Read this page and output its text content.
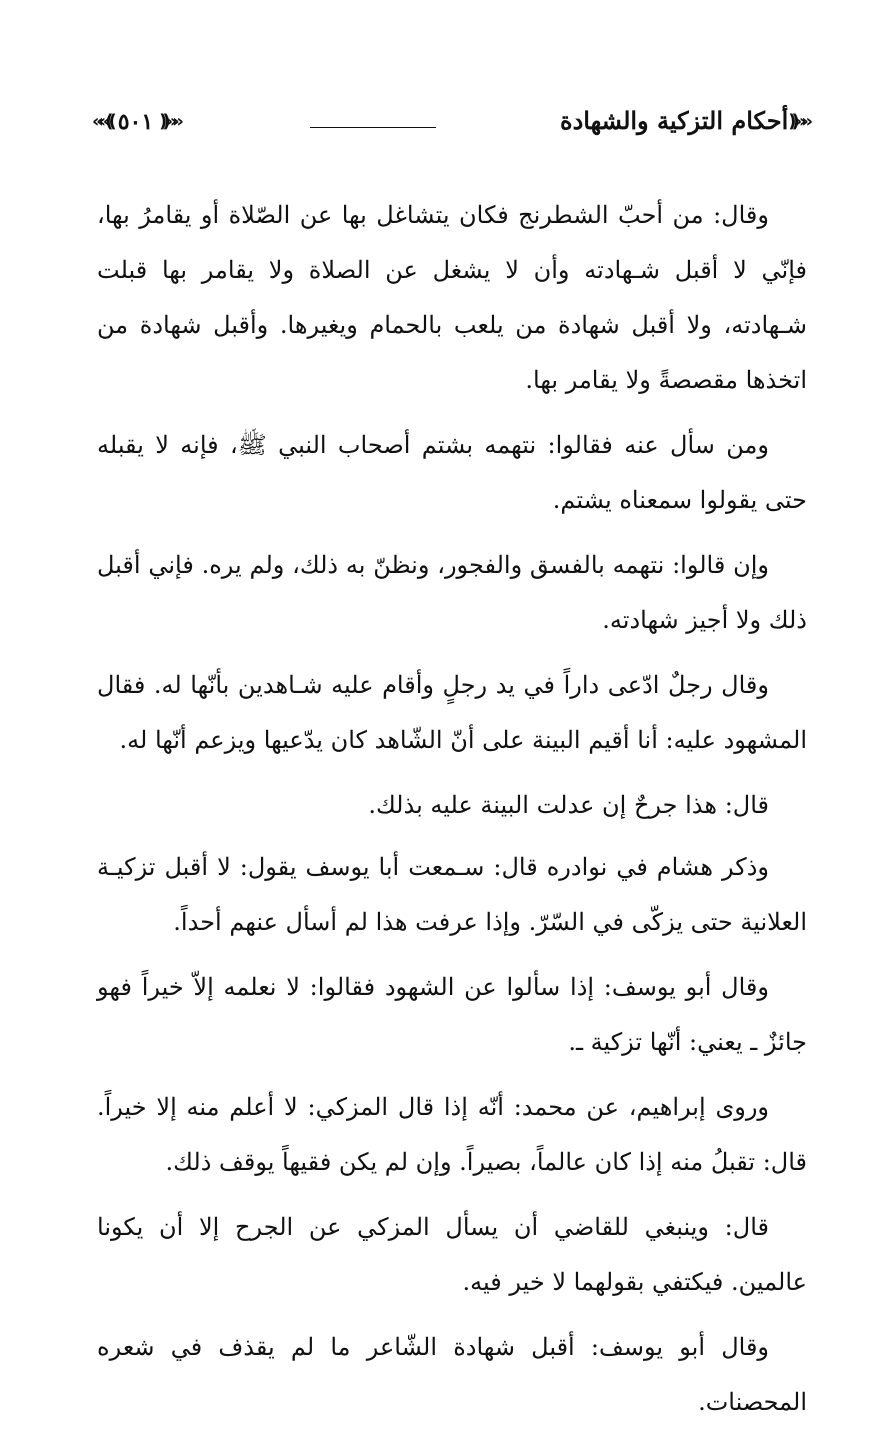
««(( ٥٠١ ))»»	أحكام التزكية والشهادة))»»

وقال: من أحبّ الشطرنج فكان يتشاغل بها عن الصّلاة أو يقامرُ بها، فإنّي لا أقبل شـهادته وأن لا يشغل عن الصلاة ولا يقامر بها قبلت شـهادته، ولا أقبل شهادة من يلعب بالحمام ويغيرها. وأقبل شهادة من اتخذها مقصصةً ولا يقامر بها.

ومن سأل عنه فقالوا: نتهمه بشتم أصحاب النبي ﷺ، فإنه لا يقبله حتى يقولوا سمعناه يشتم.

وإن قالوا: نتهمه بالفسق والفجور، ونظنّ به ذلك، ولم يره. فإني أقبل ذلك ولا أجيز شهادته.

وقال رجلٌ ادّعى داراً في يد رجلٍ وأقام عليه شـاهدين بأنّها له. فقال المشهود عليه: أنا أقيم البينة على أنّ الشّاهد كان يدّعيها ويزعم أنّها له.

قال: هذا جرحٌ إن عدلت البينة عليه بذلك.

وذكر هشام في نوادره قال: سـمعت أبا يوسف يقول: لا أقبل تزكيـة العلانية حتى يزكّى في السّرّ. وإذا عرفت هذا لم أسأل عنهم أحداً.

وقال أبو يوسف: إذا سألوا عن الشهود فقالوا: لا نعلمه إلاّ خيراً فهو جائزٌ ـ يعني: أنّها تزكية ـ.

وروى إبراهيم، عن محمد: أنّه إذا قال المزكي: لا أعلم منه إلا خيراً. قال: تقبلُ منه إذا كان عالماً، بصيراً. وإن لم يكن فقيهاً يوقف ذلك.

قال: وينبغي للقاضي أن يسأل المزكي عن الجرح إلا أن يكونا عالمين. فيكتفي بقولهما لا خير فيه.

وقال أبو يوسف: أقبل شهادة الشّاعر ما لم يقذف في شعره المحصنات.
